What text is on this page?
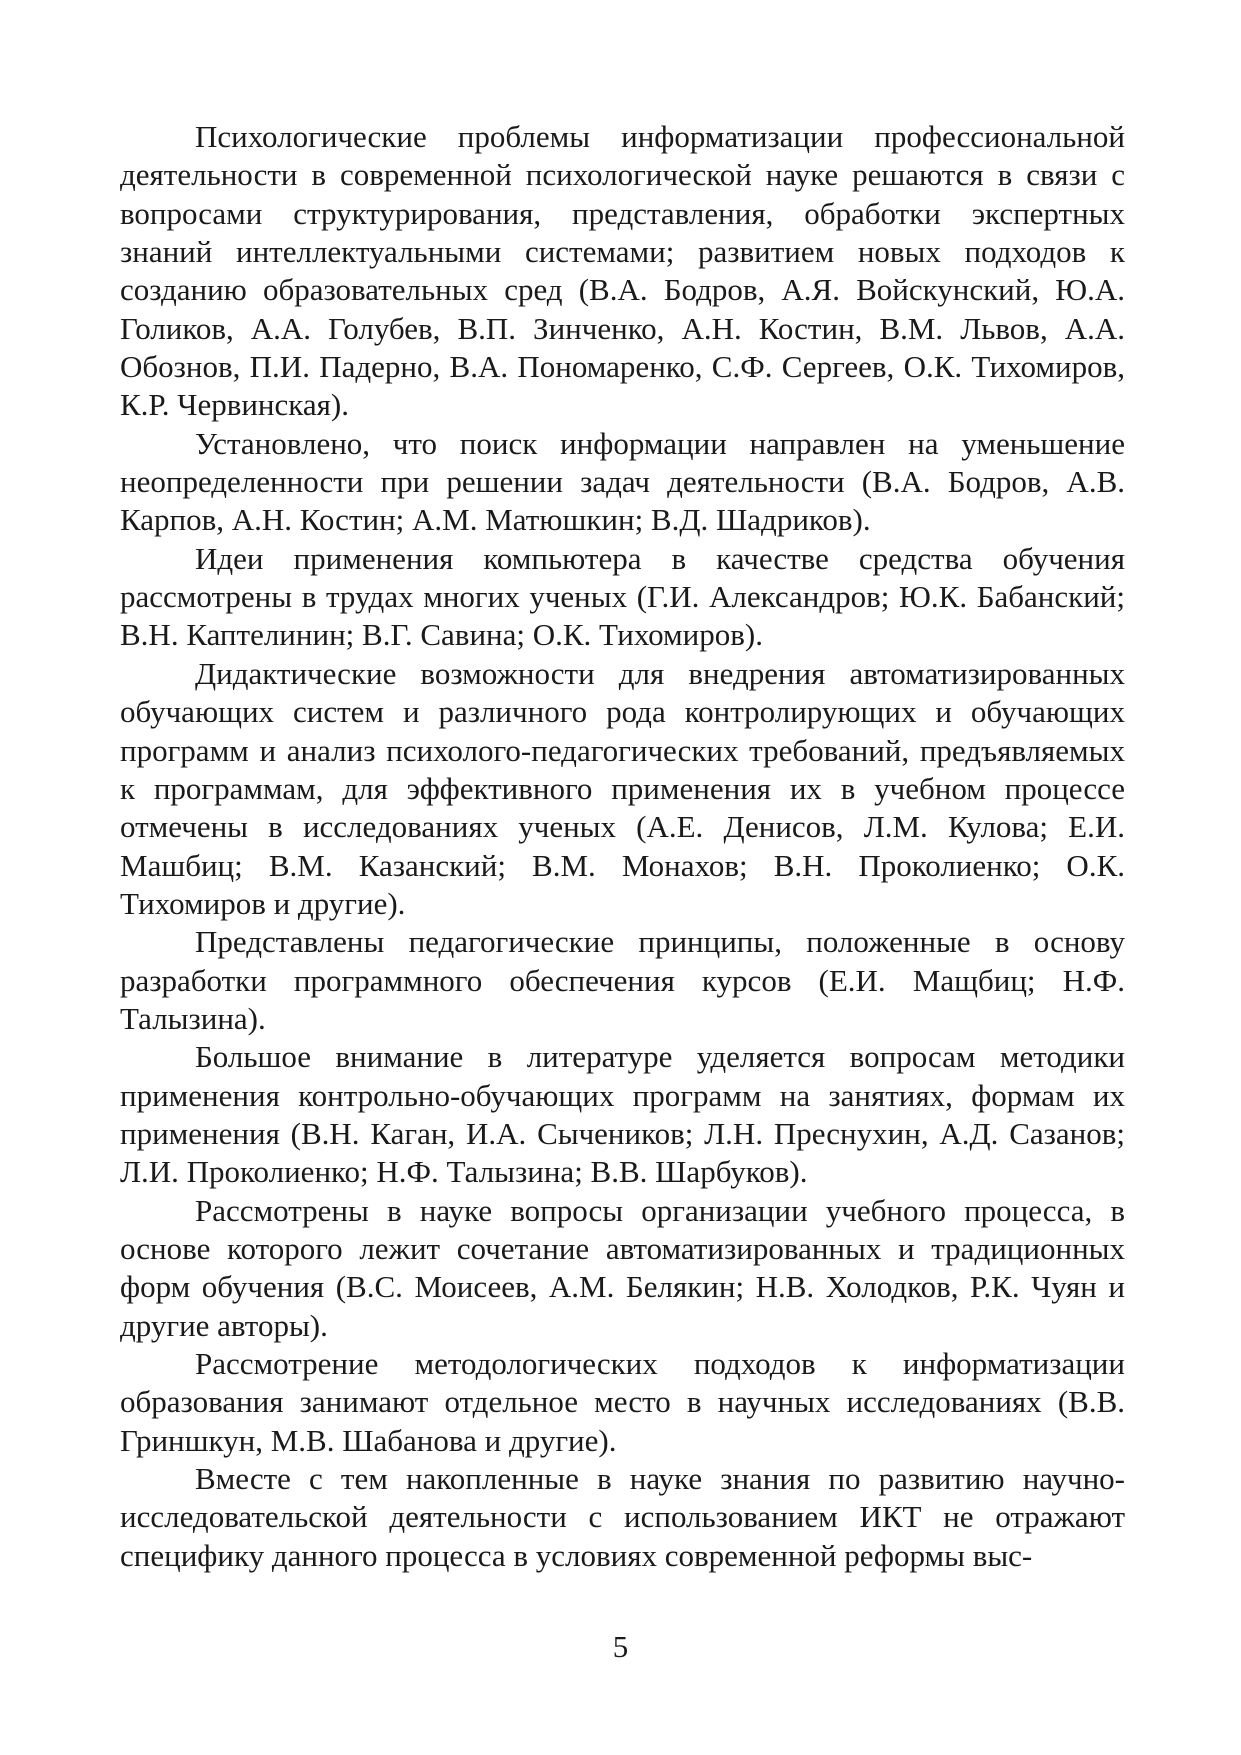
Психологические проблемы информатизации профессиональной деятельности в современной психологической науке решаются в связи с вопросами структурирования, представления, обработки экспертных знаний интеллектуальными системами; развитием новых подходов к созданию образовательных сред (В.А. Бодров, А.Я. Войскунский, Ю.А. Голиков, А.А. Голубев, В.П. Зинченко, А.Н. Костин, В.М. Львов, А.А. Обознов, П.И. Падерно, В.А. Пономаренко, С.Ф. Сергеев, О.К. Тихомиров, К.Р. Червинская).

Установлено, что поиск информации направлен на уменьшение неопределенности при решении задач деятельности (В.А. Бодров, А.В. Карпов, А.Н. Костин; А.М. Матюшкин; В.Д. Шадриков).

Идеи применения компьютера в качестве средства обучения рассмотрены в трудах многих ученых (Г.И. Александров; Ю.К. Бабанский; В.Н. Каптелинин; В.Г. Савина; О.К. Тихомиров).

Дидактические возможности для внедрения автоматизированных обучающих систем и различного рода контролирующих и обучающих программ и анализ психолого-педагогических требований, предъявляемых к программам, для эффективного применения их в учебном процессе отмечены в исследованиях ученых (А.Е. Денисов, Л.М. Кулова; Е.И. Машбиц; В.М. Казанский; В.М. Монахов; В.Н. Проколиенко; О.К. Тихомиров и другие).

Представлены педагогические принципы, положенные в основу разработки программного обеспечения курсов (Е.И. Мащбиц; Н.Ф. Талызина).

Большое внимание в литературе уделяется вопросам методики применения контрольно-обучающих программ на занятиях, формам их применения (В.Н. Каган, И.А. Сычеников; Л.Н. Преснухин, А.Д. Сазанов; Л.И. Проколиенко; Н.Ф. Талызина; В.В. Шарбуков).

Рассмотрены в науке вопросы организации учебного процесса, в основе которого лежит сочетание автоматизированных и традиционных форм обучения (В.С. Моисеев, А.М. Белякин; Н.В. Холодков, Р.К. Чуян и другие авторы).

Рассмотрение методологических подходов к информатизации образования занимают отдельное место в научных исследованиях (В.В. Гриншкун, М.В. Шабанова и другие).

Вместе с тем накопленные в науке знания по развитию научно-исследовательской деятельности с использованием ИКТ не отражают специфику данного процесса в условиях современной реформы выс-

5
